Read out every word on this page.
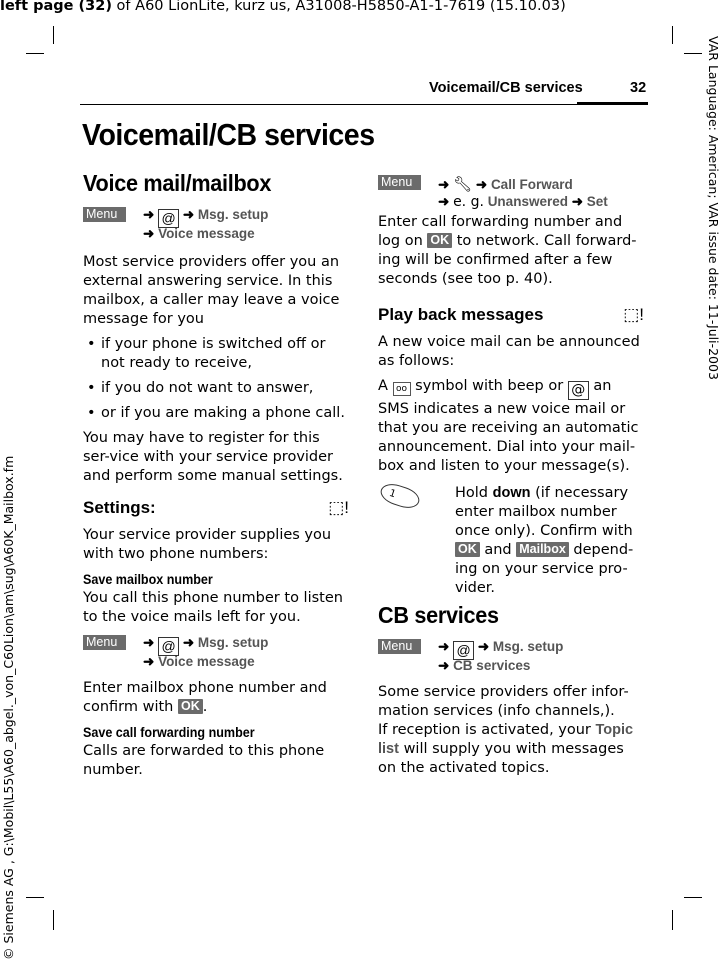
left page (32) of A60 LionLite, kurz us, A31008-H5850-A1-1-7619 (15.10.03)
VAR Language: American; VAR issue date: 11-Juli-2003
© Siemens AG , G:\Mobil\L55\A60_abgel._von_C60Lion\am\sug\A60K_Mailbox.fm
Voicemail/CB services	32
Voicemail/CB services
Voice mail/mailbox
Menu	➜ @ ➜ Msg. setup
➜ Voice message

Most service providers offer you an external answering service. In this mailbox, a caller may leave a voice message for you

• if your phone is switched off or not ready to receive,
• if you do not want to answer,
• or if you are making a phone call.

You may have to register for this ser-vice with your service provider and perform some manual settings.

Settings:	⬚!

Your service provider supplies you with two phone numbers:

Save mailbox number

You call this phone number to listen to the voice mails left for you.

Menu	➜ @ ➜ Msg. setup
➜ Voice message

Enter mailbox phone number and confirm with OK .

Save call forwarding number

Calls are forwarded to this phone number.

Menu	➜ 🔧︎ ➜ Call Forward
➜ e. g. Unanswered ➜ Set

Enter call forwarding number and log on OK to network. Call forward-ing will be confirmed after a few seconds (see too p. 40).

Play back messages	⬚!

A new voice mail can be announced as follows:

A oo symbol with beep or @ an SMS indicates a new voice mail or that you are receiving an automatic announcement. Dial into your mail-box and listen to your message(s).

1	Hold down (if necessary enter mailbox number once only). Confirm with OK and Mailbox depend-ing on your service pro-vider.

CB services
Menu	➜ @ ➜ Msg. setup
➜ CB services

Some service providers offer infor-mation services (info channels,).

If reception is activated, your Topic list will supply you with messages on the activated topics.
